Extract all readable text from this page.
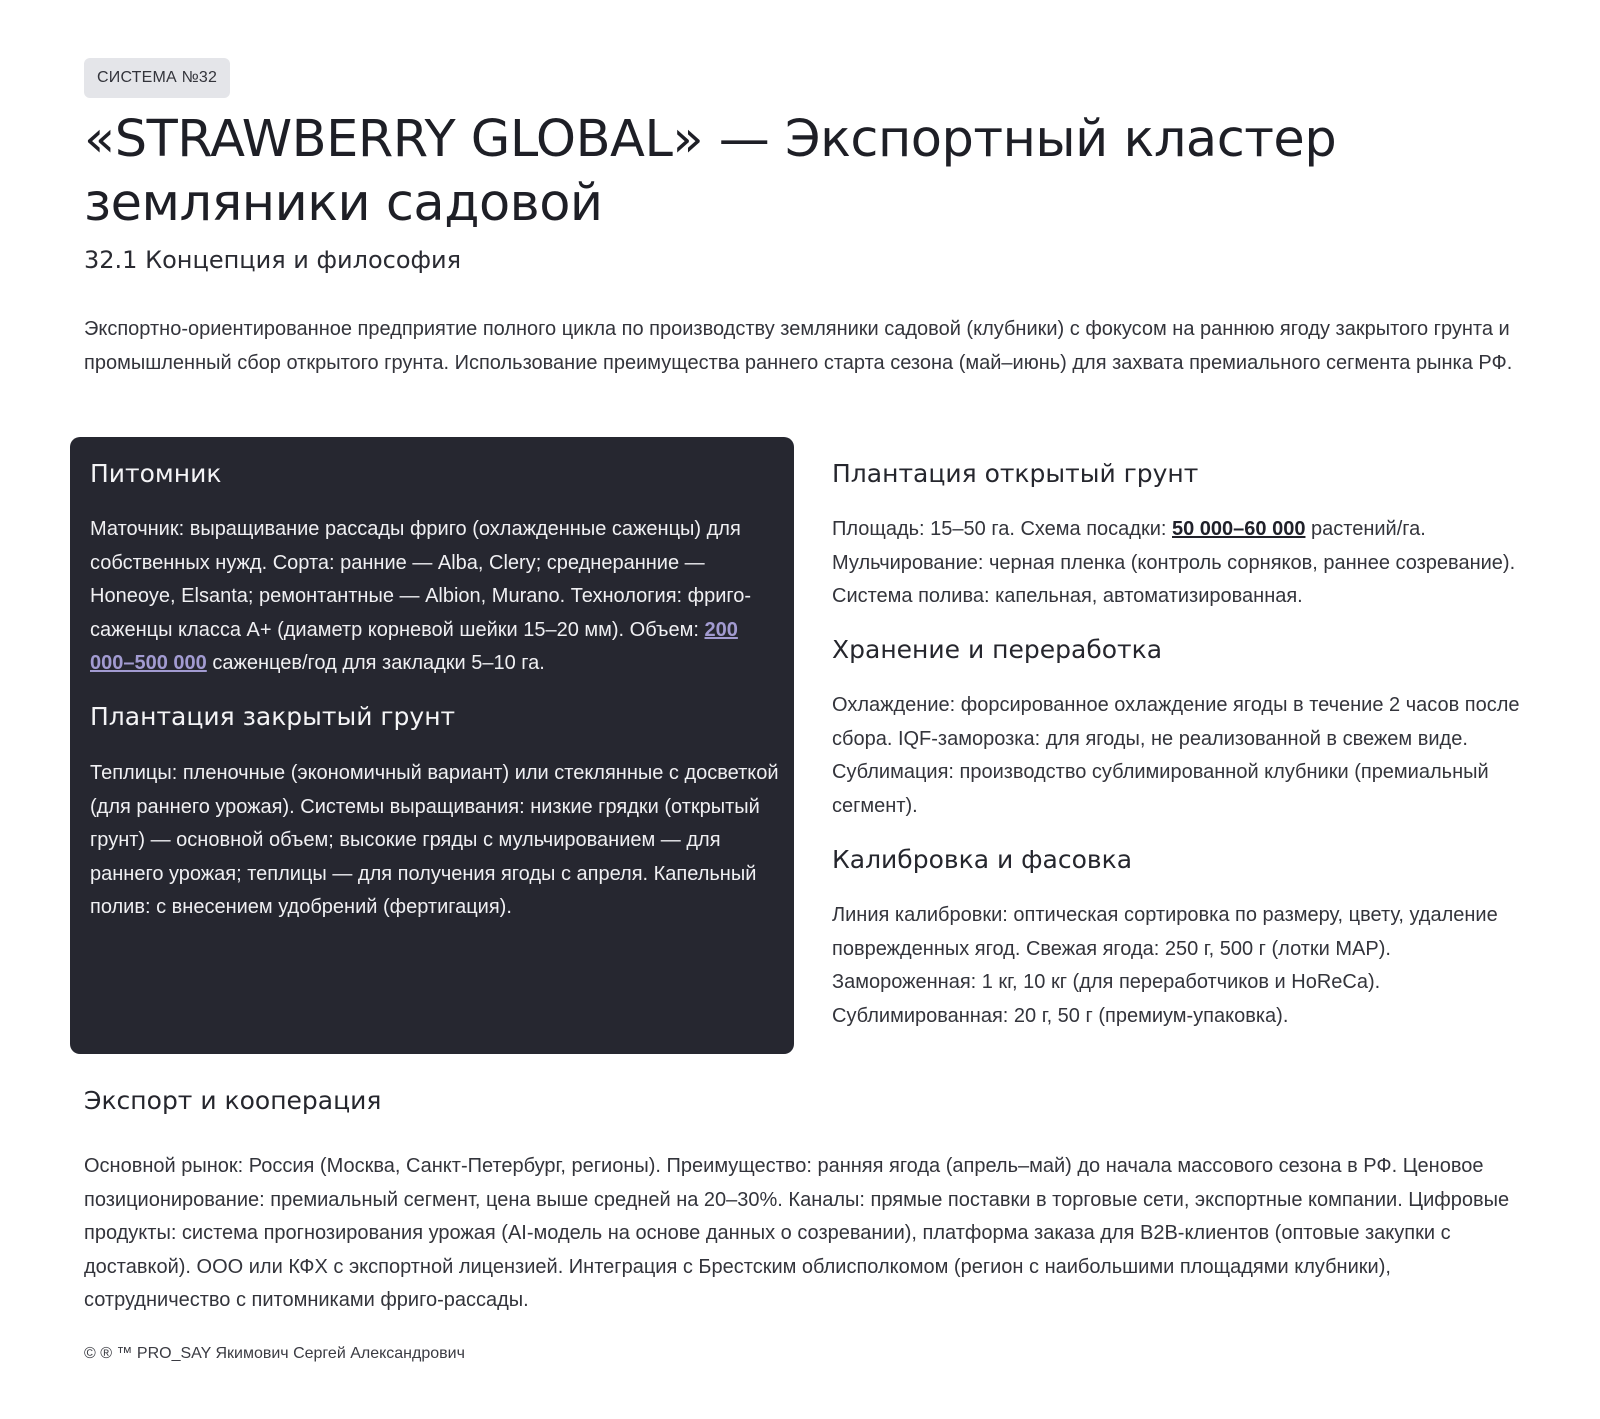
СИСТЕМА №32
«STRAWBERRY GLOBAL» — Экспортный кластер земляники садовой
32.1 Концепция и философия

Экспортно-ориентированное предприятие полного цикла по производству земляники садовой (клубники) с фокусом на раннюю ягоду закрытого грунта и промышленный сбор открытого грунта. Использование преимущества раннего старта сезона (май–июнь) для захвата премиального сегмента рынка РФ.

Питомник

Маточник: выращивание рассады фриго (охлажденные саженцы) для собственных нужд. Сорта: ранние — Alba, Clery; среднеранние — Honeoye, Elsanta; ремонтантные — Albion, Murano. Технология: фриго-саженцы класса A+ (диаметр корневой шейки 15–20 мм). Объем: 200 000–500 000 саженцев/год для закладки 5–10 га.

Плантация закрытый грунт

Теплицы: пленочные (экономичный вариант) или стеклянные с досветкой (для раннего урожая). Системы выращивания: низкие грядки (открытый грунт) — основной объем; высокие гряды с мульчированием — для раннего урожая; теплицы — для получения ягоды с апреля. Капельный полив: с внесением удобрений (фертигация).

Плантация открытый грунт

Площадь: 15–50 га. Схема посадки: 50 000–60 000 растений/га. Мульчирование: черная пленка (контроль сорняков, раннее созревание). Система полива: капельная, автоматизированная.

Хранение и переработка

Охлаждение: форсированное охлаждение ягоды в течение 2 часов после сбора. IQF-заморозка: для ягоды, не реализованной в свежем виде. Сублимация: производство сублимированной клубники (премиальный сегмент).

Калибровка и фасовка

Линия калибровки: оптическая сортировка по размеру, цвету, удаление поврежденных ягод. Свежая ягода: 250 г, 500 г (лотки MAP). Замороженная: 1 кг, 10 кг (для переработчиков и HoReCa). Сублимированная: 20 г, 50 г (премиум-упаковка).

Экспорт и кооперация

Основной рынок: Россия (Москва, Санкт-Петербург, регионы). Преимущество: ранняя ягода (апрель–май) до начала массового сезона в РФ. Ценовое позиционирование: премиальный сегмент, цена выше средней на 20–30%. Каналы: прямые поставки в торговые сети, экспортные компании. Цифровые продукты: система прогнозирования урожая (AI-модель на основе данных о созревании), платформа заказа для B2B-клиентов (оптовые закупки с доставкой). ООО или КФХ с экспортной лицензией. Интеграция с Брестским облисполкомом (регион с наибольшими площадями клубники), сотрудничество с питомниками фриго-рассады.

© ® ™ PRO_SAY Якимович Сергей Александрович
